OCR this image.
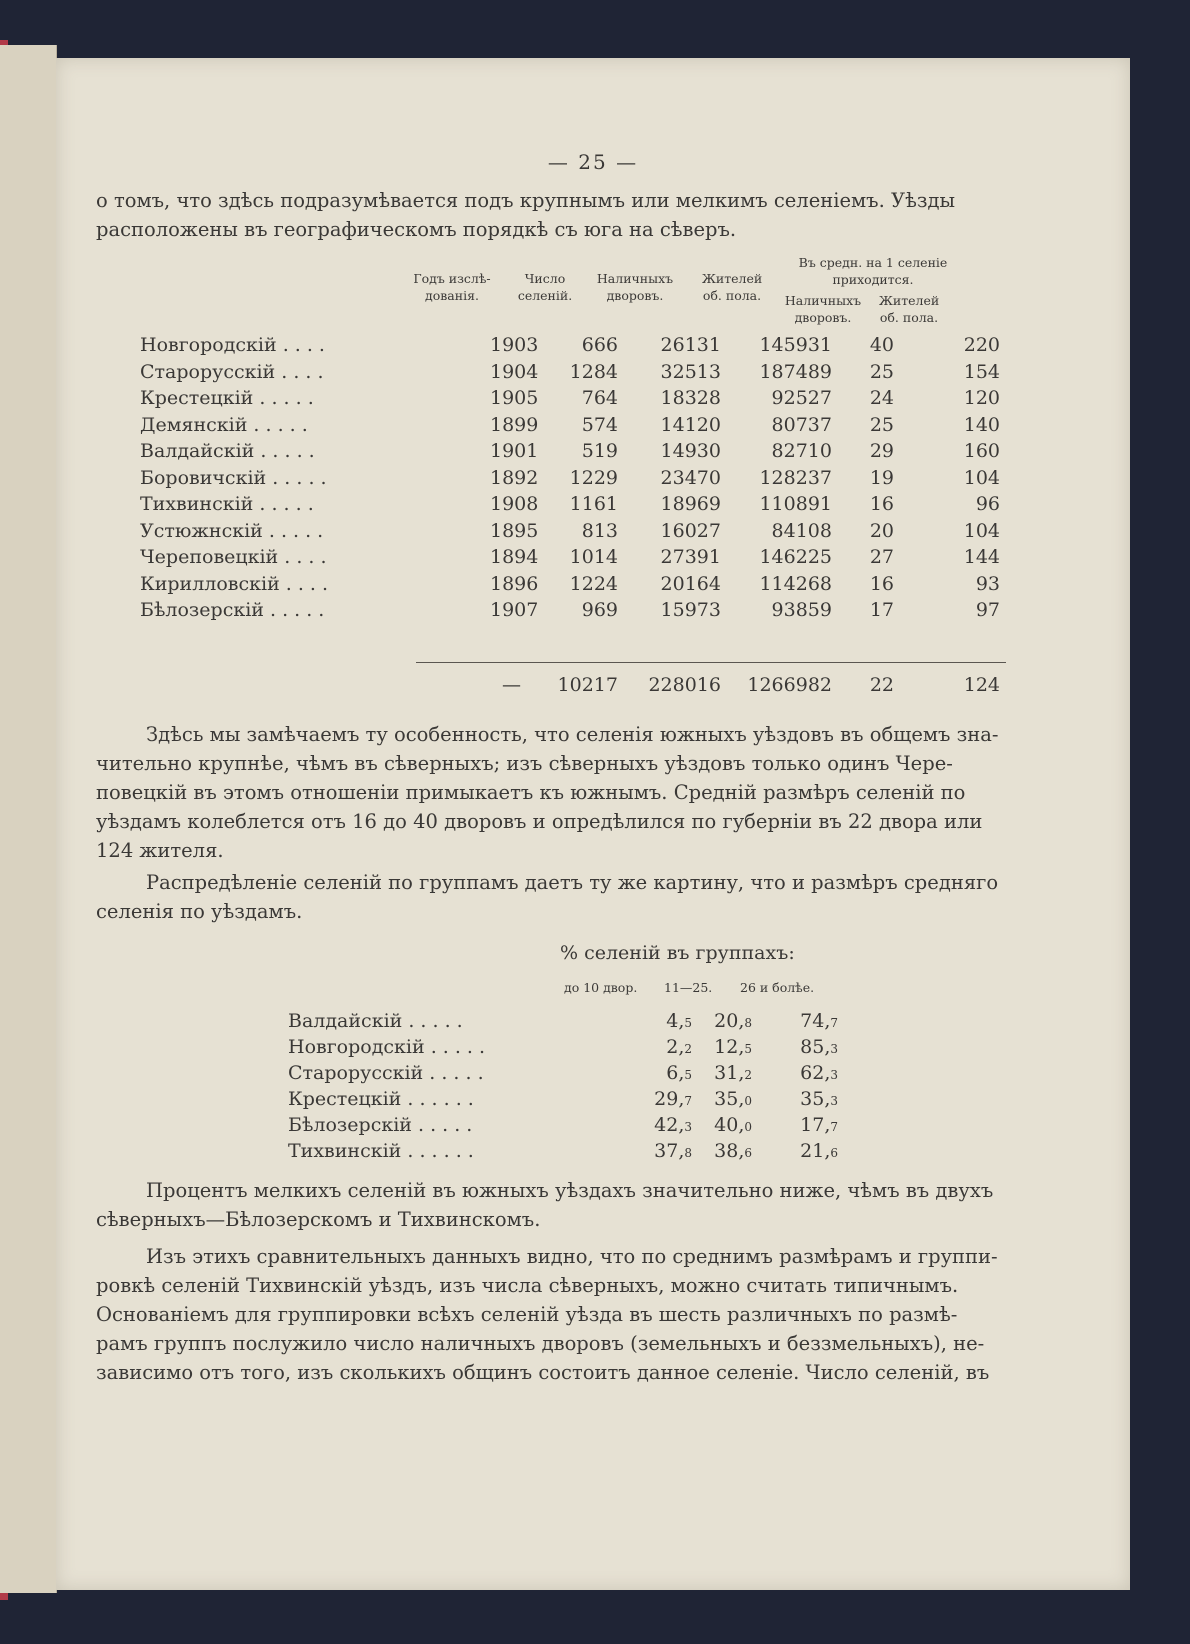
— 25 —
о томъ, что здѣсь подразумѣвается подъ крупнымъ или мелкимъ селеніемъ. Уѣзды
расположены въ географическомъ порядкѣ съ юга на сѣверъ.
Годъ изслѣ-дованія.
Число селеній.
Наличныхъ дворовъ.
Жителей об. пола.
Въ средн. на 1 селеніе приходится.
Наличныхъ дворовъ.
Жителей об. пола.
Новгородскій . . . .	1903 666 26131 145931 40	220
Старорусскій . . . .	1904 1284 32513 187489 25	154
Крестецкій . . . . .	1905 764 18328	92527 24	120
Демянскій . . . . .	1899 574 14120	80737 25	140
Валдайскій . . . . .	1901 519 14930	82710 29	160
Боровичскій . . . . .	1892 1229 23470 128237 19	104
Тихвинскій . . . . .	1908 1161 18969 110891 16	96
Устюжнскій . . . . .	1895 813 16027	84108 20	104
Череповецкій . . . .	1894 1014 27391 146225 27	144
Кирилловскій . . . .	1896 1224 20164 114268 16	93
Бѣлозерскій . . . . .	1907 969 15973	93859 17	97
— 10217 228016 1266982 22	124
Здѣсь мы замѣчаемъ ту особенность, что селенія южныхъ уѣздовъ въ общемъ зна-
чительно крупнѣе, чѣмъ въ сѣверныхъ; изъ сѣверныхъ уѣздовъ только одинъ Чере-
повецкій въ этомъ отношеніи примыкаетъ къ южнымъ. Средній размѣръ селеній по
уѣздамъ колеблется отъ 16 до 40 дворовъ и опредѣлился по губерніи въ 22 двора или
124 жителя.
Распредѣленіе селеній по группамъ даетъ ту же картину, что и размѣръ средняго
селенія по уѣздамъ.
% селеній въ группахъ:
до 10 двор. 11—25. 26 и болѣе.
Валдайскій . . . . .	4,5 20,8	74,7
Новгородскій . . . . .	2,2 12,5	85,3
Старорусскій . . . . .	6,5 31,2	62,3
Крестецкій . . . . . .	29,7 35,0	35,3
Бѣлозерскій . . . . .	42,3 40,0	17,7
Тихвинскій . . . . . .	37,8 38,6	21,6
Процентъ мелкихъ селеній въ южныхъ уѣздахъ значительно ниже, чѣмъ въ двухъ
сѣверныхъ—Бѣлозерскомъ и Тихвинскомъ.
Изъ этихъ сравнительныхъ данныхъ видно, что по среднимъ размѣрамъ и группи-
ровкѣ селеній Тихвинскій уѣздъ, изъ числа сѣверныхъ, можно считать типичнымъ.
Основаніемъ для группировки всѣхъ селеній уѣзда въ шесть различныхъ по размѣ-
рамъ группъ послужило число наличныхъ дворовъ (земельныхъ и беззмельныхъ), не-
зависимо отъ того, изъ сколькихъ общинъ состоитъ данное селеніе. Число селеній, въ
